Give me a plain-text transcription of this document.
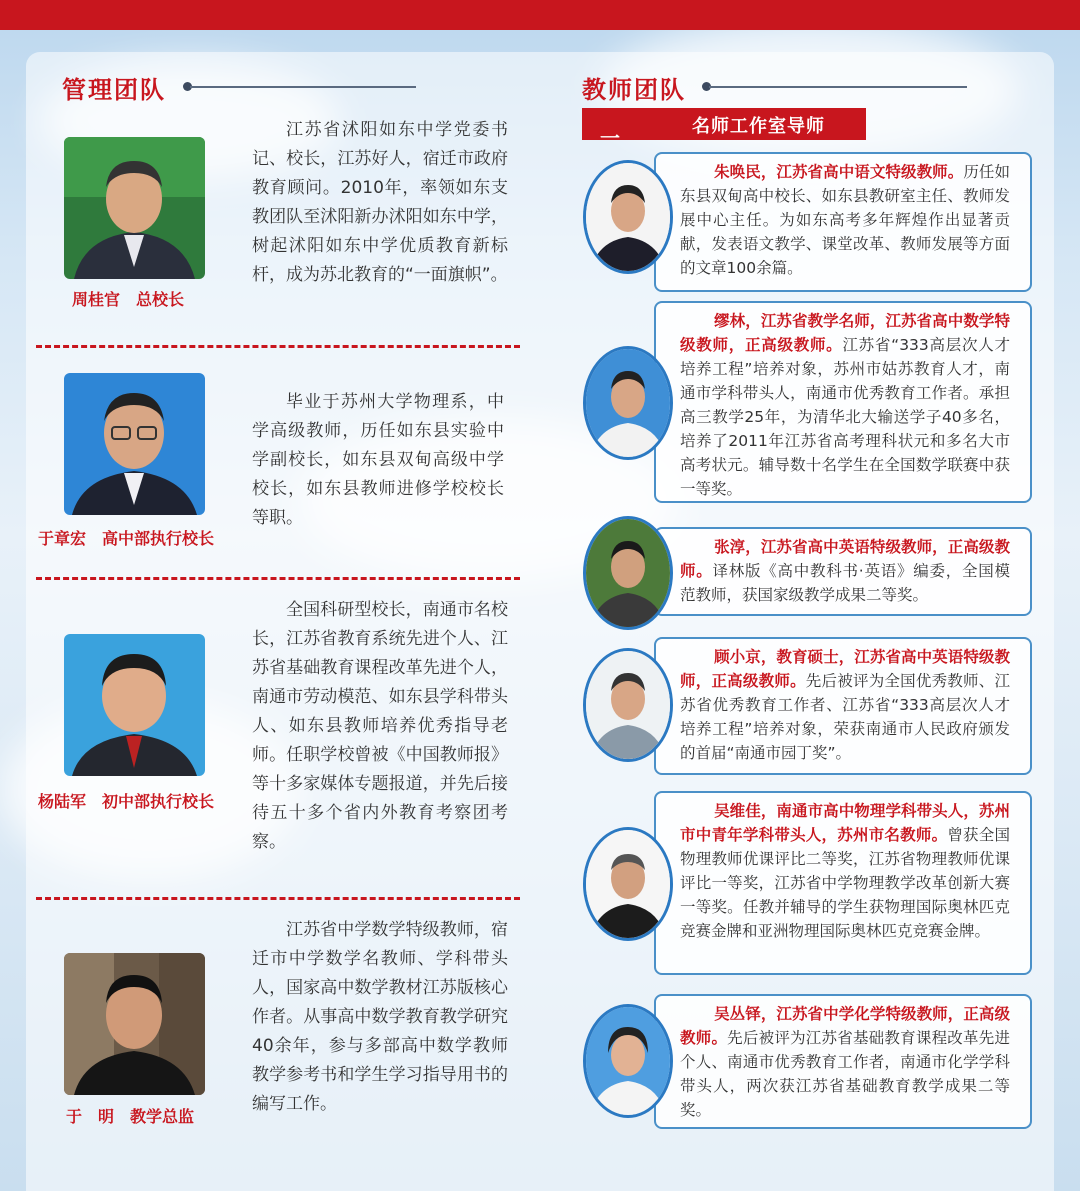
管理团队
周桂官　总校长
江苏省沭阳如东中学党委书记、校长，江苏好人，宿迁市政府教育顾问。2010年，率领如东支教团队至沭阳新办沭阳如东中学，树起沭阳如东中学优质教育新标杆，成为苏北教育的“一面旗帜”。
于章宏　高中部执行校长
毕业于苏州大学物理系，中学高级教师，历任如东县实验中学副校长，如东县双甸高级中学校长，如东县教师进修学校校长等职。
杨陆军　初中部执行校长
全国科研型校长，南通市名校长，江苏省教育系统先进个人、江苏省基础教育课程改革先进个人，南通市劳动模范、如东县学科带头人、如东县教师培养优秀指导老师。任职学校曾被《中国教师报》等十多家媒体专题报道，并先后接待五十多个省内外教育考察团考察。
于　明　教学总监
江苏省中学数学特级教师，宿迁市中学数学名教师、学科带头人，国家高中数学教材江苏版核心作者。从事高中数学教育教学研究40余年，参与多部高中数学教师教学参考书和学生学习指导用书的编写工作。
教师团队
一	名师工作室导师
朱唤民，江苏省高中语文特级教师。历任如东县双甸高中校长、如东县教研室主任、教师发展中心主任。为如东高考多年辉煌作出显著贡献，发表语文教学、课堂改革、教师发展等方面的文章100余篇。
缪林，江苏省教学名师，江苏省高中数学特级教师，正高级教师。江苏省“333高层次人才培养工程”培养对象，苏州市姑苏教育人才，南通市学科带头人，南通市优秀教育工作者。承担高三教学25年，为清华北大输送学子40多名，培养了2011年江苏省高考理科状元和多名大市高考状元。辅导数十名学生在全国数学联赛中获一等奖。
张淳，江苏省高中英语特级教师，正高级教师。译林版《高中教科书·英语》编委，全国模范教师，获国家级教学成果二等奖。
顾小京，教育硕士，江苏省高中英语特级教师，正高级教师。先后被评为全国优秀教师、江苏省优秀教育工作者、江苏省“333高层次人才培养工程”培养对象，荣获南通市人民政府颁发的首届“南通市园丁奖”。
吴维佳，南通市高中物理学科带头人，苏州市中青年学科带头人，苏州市名教师。曾获全国物理教师优课评比二等奖，江苏省物理教师优课评比一等奖，江苏省中学物理教学改革创新大赛一等奖。任教并辅导的学生获物理国际奥林匹克竞赛金牌和亚洲物理国际奥林匹克竞赛金牌。
吴丛铎，江苏省中学化学特级教师，正高级教师。先后被评为江苏省基础教育课程改革先进个人、南通市优秀教育工作者，南通市化学学科带头人，两次获江苏省基础教育教学成果二等奖。
